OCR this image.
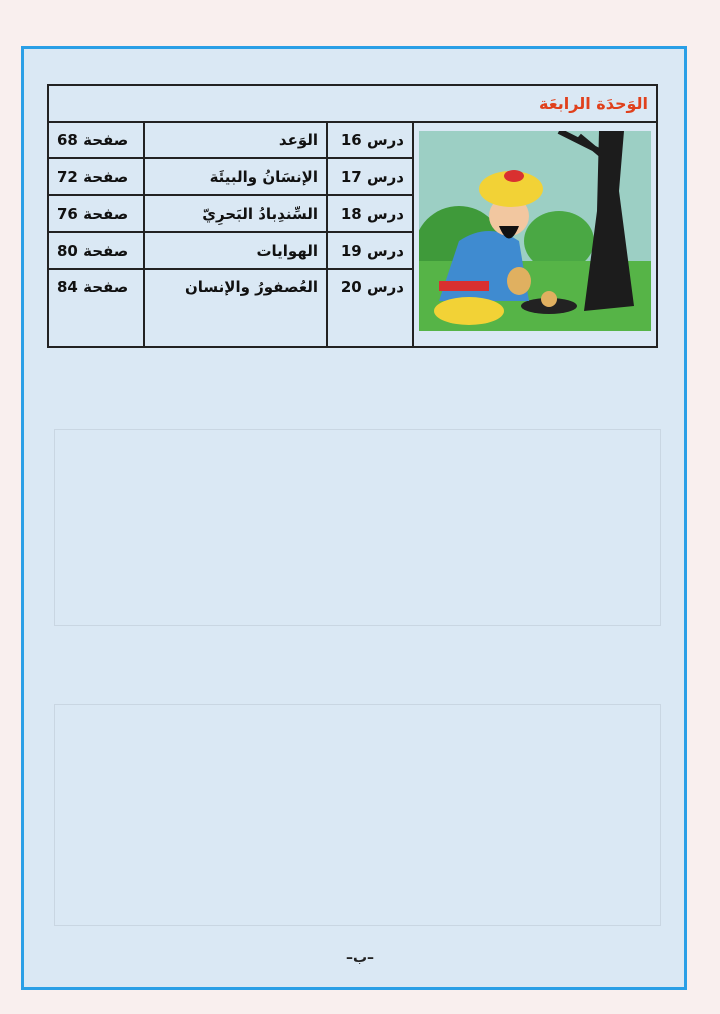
الوَحدَة الرابعَة			
	درس 16	الوَعد	صفحة 68
	درس 17	الإنسَانُ والبيئَة	صفحة 72
	درس 18	السِّندِبادُ البَحرِيّ	صفحة 76
	درس 19	الهوايات	صفحة 80
	درس 20	العُصفورُ والإنسان	صفحة 84
–ب–
